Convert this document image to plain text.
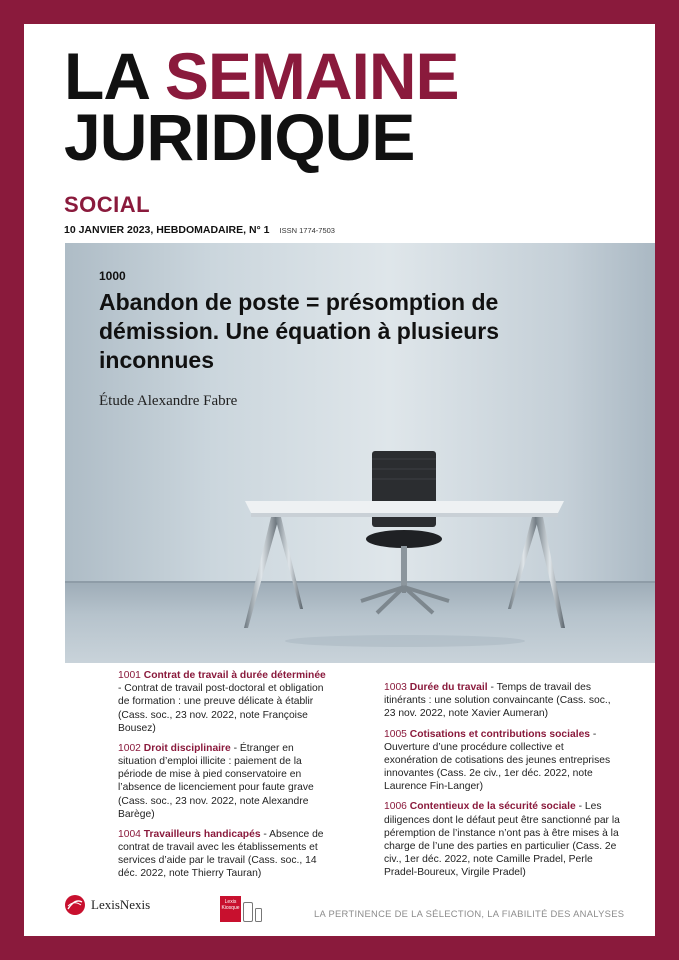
LA SEMAINE
JURIDIQUE
SOCIAL
10 JANVIER 2023, HEBDOMADAIRE, N° 1 ISSN 1774-7503
1000
Abandon de poste = présomption de démission. Une équation à plusieurs inconnues
Étude Alexandre Fabre

1001 Contrat de travail à durée déterminée - Contrat de travail post-doctoral et obligation de formation : une preuve délicate à établir (Cass. soc., 23 nov. 2022, note Françoise Bousez)

1002 Droit disciplinaire - Étranger en situation d’emploi illicite : paiement de la période de mise à pied conservatoire en l’absence de licenciement pour faute grave (Cass. soc., 23 nov. 2022, note Alexandre Barège)

1004 Travailleurs handicapés - Absence de contrat de travail avec les établissements et services d’aide par le travail (Cass. soc., 14 déc. 2022, note Thierry Tauran)

1003 Durée du travail - Temps de travail des itinérants : une solution convaincante (Cass. soc., 23 nov. 2022, note Xavier Aumeran)

1005 Cotisations et contributions sociales - Ouverture d’une procédure collective et exonération de cotisations des jeunes entreprises innovantes (Cass. 2e civ., 1er déc. 2022, note Laurence Fin-Langer)

1006 Contentieux de la sécurité sociale - Les diligences dont le défaut peut être sanctionné par la péremption de l’instance n’ont pas à être mises à la charge de l’une des parties en particulier (Cass. 2e civ., 1er déc. 2022, note Camille Pradel, Perle Pradel-Boureux, Virgile Pradel)

LexisNexis	Lexis Kiosque
LA PERTINENCE DE LA SÉLECTION, LA FIABILITÉ DES ANALYSES
